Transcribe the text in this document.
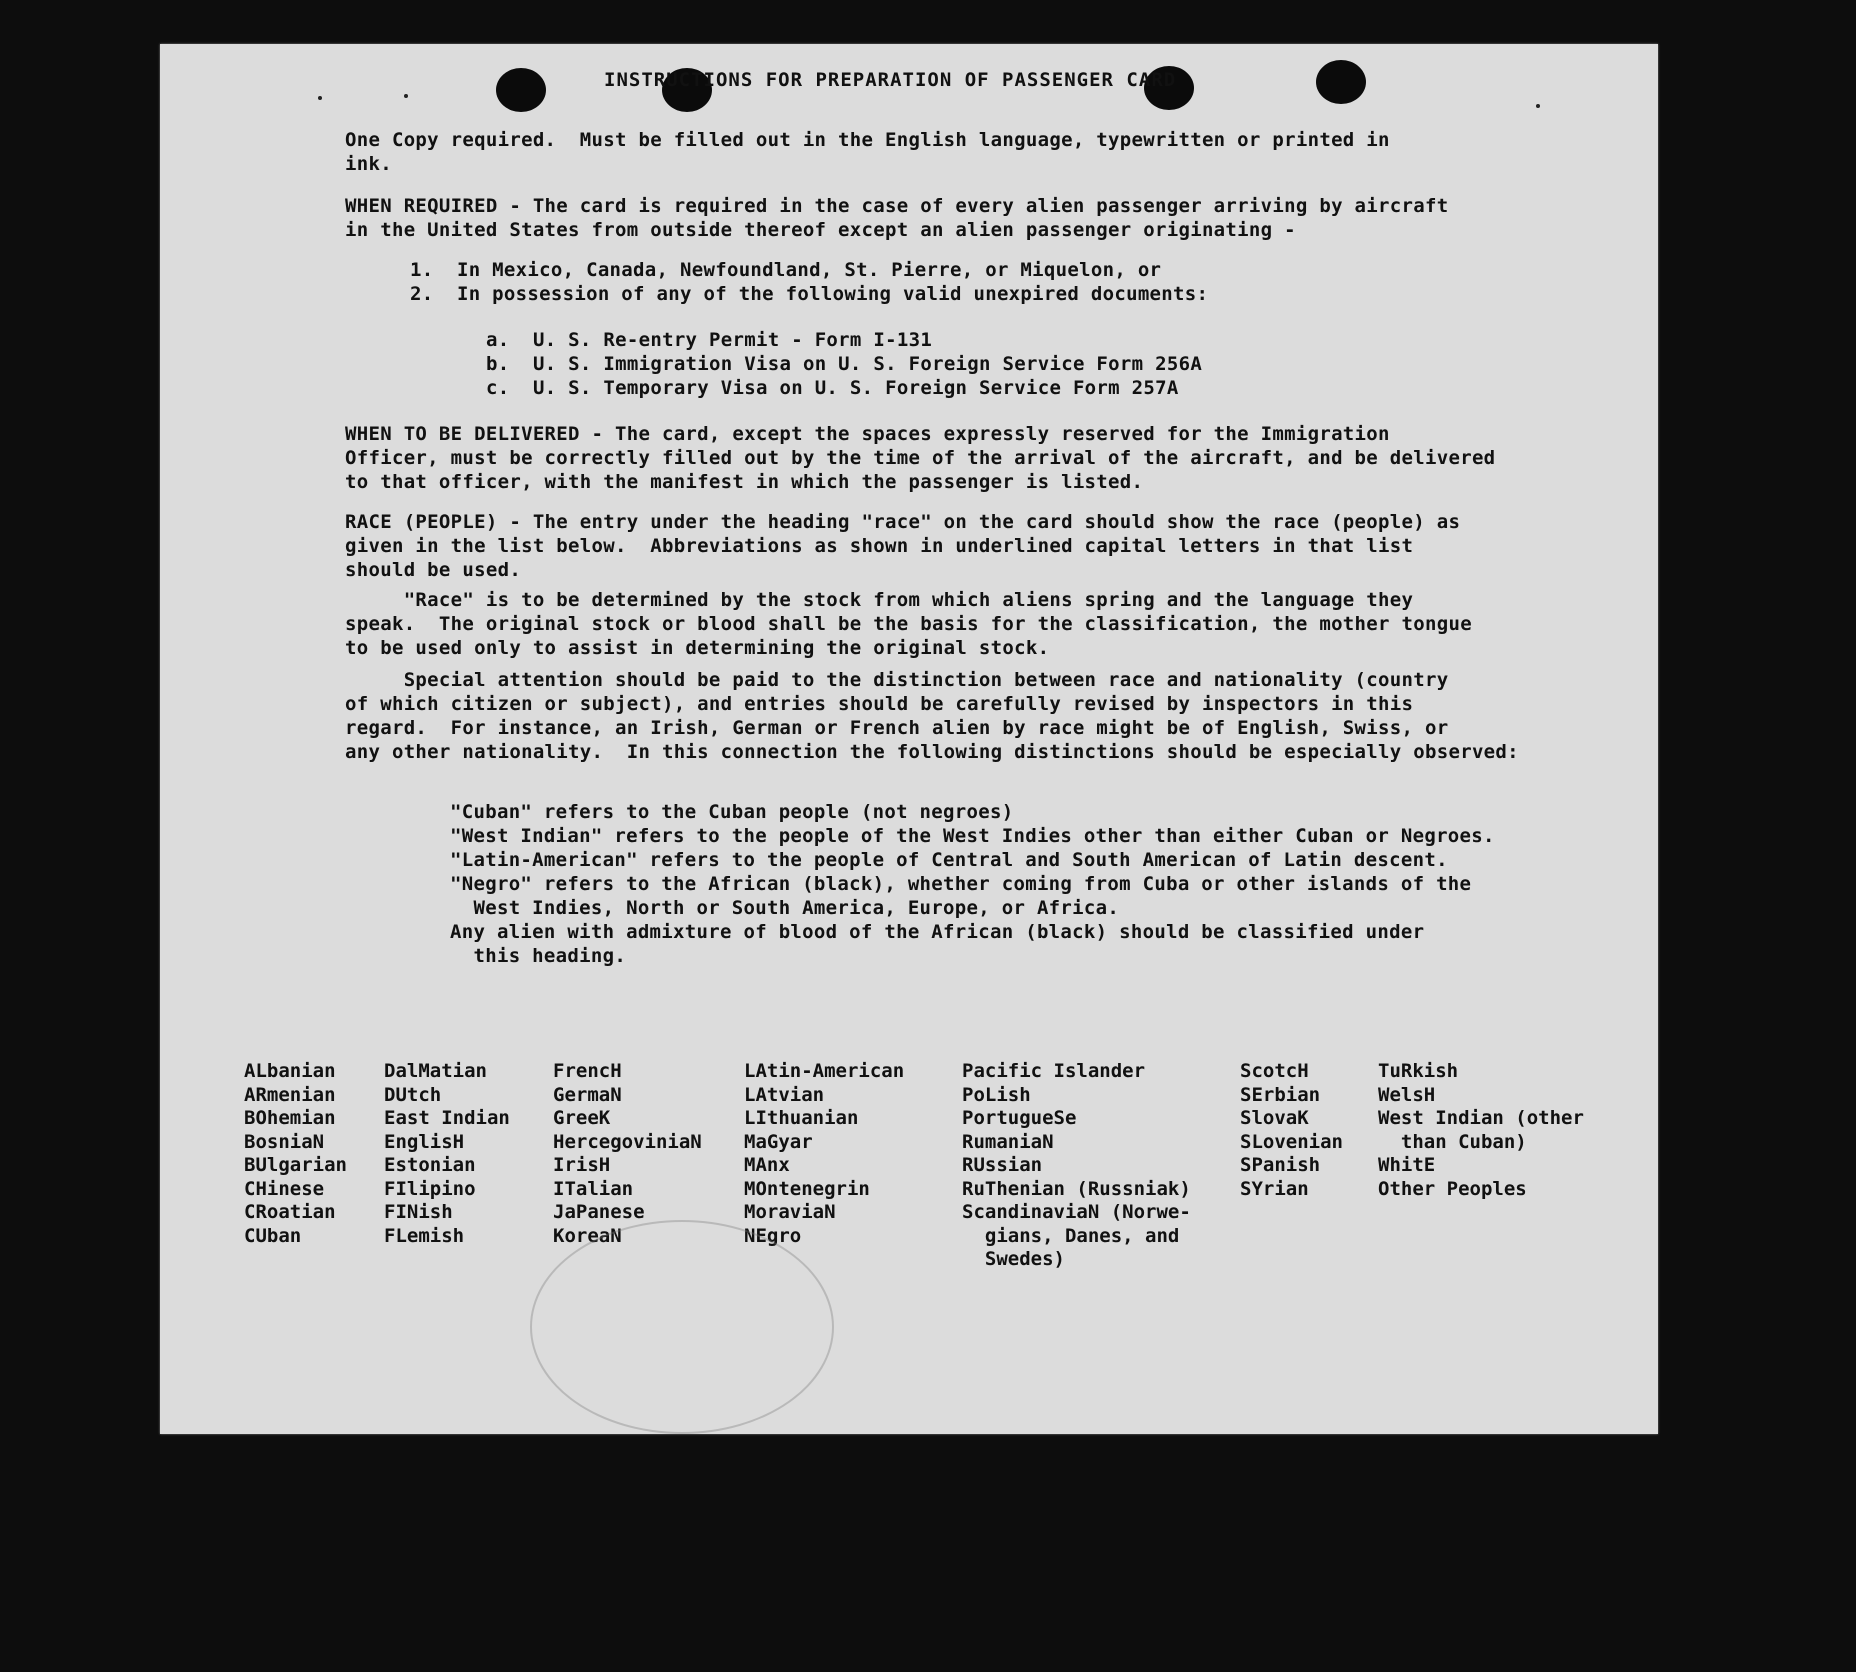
INSTRUCTIONS FOR PREPARATION OF PASSENGER CARD
One Copy required.  Must be filled out in the English language, typewritten or printed in
ink.
WHEN REQUIRED - The card is required in the case of every alien passenger arriving by aircraft
in the United States from outside thereof except an alien passenger originating -
1.  In Mexico, Canada, Newfoundland, St. Pierre, or Miquelon, or
2.  In possession of any of the following valid unexpired documents:
a.  U. S. Re-entry Permit - Form I-131
b.  U. S. Immigration Visa on U. S. Foreign Service Form 256A
c.  U. S. Temporary Visa on U. S. Foreign Service Form 257A
WHEN TO BE DELIVERED - The card, except the spaces expressly reserved for the Immigration
Officer, must be correctly filled out by the time of the arrival of the aircraft, and be delivered
to that officer, with the manifest in which the passenger is listed.
RACE (PEOPLE) - The entry under the heading "race" on the card should show the race (people) as
given in the list below.  Abbreviations as shown in underlined capital letters in that list
should be used.
"Race" is to be determined by the stock from which aliens spring and the language they
speak.  The original stock or blood shall be the basis for the classification, the mother tongue
to be used only to assist in determining the original stock.
Special attention should be paid to the distinction between race and nationality (country
of which citizen or subject), and entries should be carefully revised by inspectors in this
regard.  For instance, an Irish, German or French alien by race might be of English, Swiss, or
any other nationality.  In this connection the following distinctions should be especially observed:
"Cuban" refers to the Cuban people (not negroes)
"West Indian" refers to the people of the West Indies other than either Cuban or Negroes.
"Latin-American" refers to the people of Central and South American of Latin descent.
"Negro" refers to the African (black), whether coming from Cuba or other islands of the
West Indies, North or South America, Europe, or Africa.
Any alien with admixture of blood of the African (black) should be classified under
this heading.
ALbanian
ARmenian
BOhemian
BosniaN
BUlgarian
CHinese
CRoatian
CUban
DalMatian
DUtch
East Indian
EnglisH
Estonian
FIlipino
FINish
FLemish
FrencH
GermaN
GreeK
HercegoviniaN
IrisH
ITalian
JaPanese
KoreaN
LAtin-American
LAtvian
LIthuanian
MaGyar
MAnx
MOntenegrin
MoraviaN
NEgro
Pacific Islander
PoLish
PortugueSe
RumaniaN
RUssian
RuThenian (Russniak)
ScandinaviaN (Norwe-
gians, Danes, and
Swedes)
ScotcH
SErbian
SlovaK
SLovenian
SPanish
SYrian
TuRkish
WelsH
West Indian (other
than Cuban)
WhitE
Other Peoples
